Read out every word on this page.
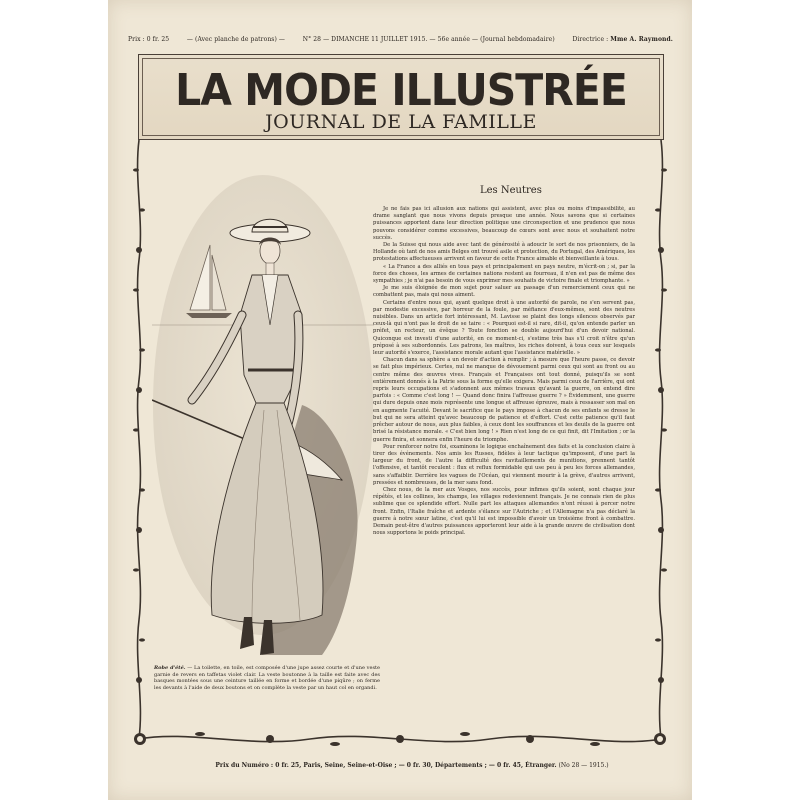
Prix : 0 fr. 25	— (Avec planche de patrons) —	N° 28 — DIMANCHE 11 JUILLET 1915. — 56e année — (Journal hebdomadaire)	Directrice : Mme A. Raymond.
LA MODE ILLUSTRÉE
JOURNAL DE LA FAMILLE
Robe d'été. — La toilette, en toile, est composée d'une jupe assez courte et d'une veste garnie de revers en taffetas violet clair. La veste boutonne à la taille est faite avec des basques montées sous une ceinture taillée en forme et bordée d'une piqûre ; on ferme les devants à l'aide de deux boutons et on complète la veste par un haut col en organdi.
Les Neutres

Je ne fais pas ici allusion aux nations qui assistent, avec plus ou moins d'impassibilité, au drame sanglant que nous vivons depuis presque une année. Nous savons que si certaines puissances apportent dans leur direction politique une circonspection et une prudence que nous pouvons considérer comme excessives, beaucoup de cœurs sont avec nous et souhaitent notre succès.

De la Suisse qui nous aide avec tant de générosité à adoucir le sort de nos prisonniers, de la Hollande où tant de nos amis Belges ont trouvé asile et protection, du Portugal, des Amériques, les protestations affectueuses arrivent en faveur de cette France aimable et bienveillante à tous.

« La France a des alliés en tous pays et principalement en pays neutre, m'écrit-on ; si, par la force des choses, les armes de certaines nations restent au fourreau, il n'en est pas de même des sympathies ; je n'ai pas besoin de vous exprimer mes souhaits de victoire finale et triomphante. »

Je me suis éloignée de mon sujet pour saluer au passage d'un remerciement ceux qui ne combattent pas, mais qui nous aiment.

Certains d'entre nous qui, ayant quelque droit à une autorité de parole, ne s'en servent pas, par modestie excessive, par horreur de la foule, par méfiance d'eux-mêmes, sont des neutres nuisibles. Dans un article fort intéressant, M. Lavisse se plaint des longs silences observés par ceux-là qui n'ont pas le droit de se taire : « Pourquoi est-il si rare, dit-il, qu'on entende parler un préfet, un recteur, un évêque ? Toute fonction se double aujourd'hui d'un devoir national. Quiconque est investi d'une autorité, en ce moment-ci, s'estime très bas s'il croit n'être qu'un préposé à ses subordonnés. Les patrons, les maîtres, les riches doivent, à tous ceux sur lesquels leur autorité s'exerce, l'assistance morale autant que l'assistance matérielle. »

Chacun dans sa sphère a un devoir d'action à remplir ; à mesure que l'heure passe, ce devoir se fait plus impérieux. Certes, nul ne manque de dévouement parmi ceux qui sont au front ou au centre même des œuvres vives. Français et Françaises ont tout donné, puisqu'ils se sont entièrement donnés à la Patrie sous la forme qu'elle exigera. Mais parmi ceux de l'arrière, qui ont repris leurs occupations et s'adonnent aux mêmes travaux qu'avant la guerre, on entend dire parfois : « Comme c'est long ! — Quand donc finira l'affreuse guerre ? » Évidemment, une guerre qui dure depuis onze mois représente une longue et affreuse épreuve, mais à ressasser son mal on en augmente l'acuité. Devant le sacrifice que le pays impose à chacun de ses enfants se dresse le but qui ne sera atteint qu'avec beaucoup de patience et d'effort. C'est cette patience qu'il faut prêcher autour de nous, aux plus faibles, à ceux dont les souffrances et les deuils de la guerre ont brisé la résistance morale. « C'est bien long ! » Rien n'est long de ce qui finit, dit l'Imitation ; or la guerre finira, et sonnera enfin l'heure du triomphe.

Pour renforcer notre foi, examinons le logique enchaînement des faits et la conclusion claire à tirer des événements. Nos amis les Russes, fidèles à leur tactique qu'imposent, d'une part la largeur du front, de l'autre la difficulté des ravitaillements de munitions, prennent tantôt l'offensive, et tantôt reculent : flux et reflux formidable qui use peu à peu les forces allemandes, sans s'affaiblir. Derrière les vagues de l'Océan, qui viennent mourir à la grève, d'autres arrivent, pressées et nombreuses, de la mer sans fond.

Chez nous, de la mer aux Vosges, nos succès, pour infimes qu'ils soient, sont chaque jour répétés, et les collines, les champs, les villages redeviennent français. Je ne connais rien de plus sublime que ce splendide effort. Nulle part les attaques allemandes n'ont réussi à percer notre front. Enfin, l'Italie fraîche et ardente s'élance sur l'Autriche ; et l'Allemagne n'a pas déclaré la guerre à notre sœur latine, c'est qu'il lui est impossible d'avoir un troisième front à combattre. Demain peut-être d'autres puissances apporteront leur aide à la grande œuvre de civilisation dont nous supportons le poids principal.

Prix du Numéro : 0 fr. 25, Paris, Seine, Seine-et-Oise ; — 0 fr. 30, Départements ; — 0 fr. 45, Étranger. (No 28 — 1915.)
